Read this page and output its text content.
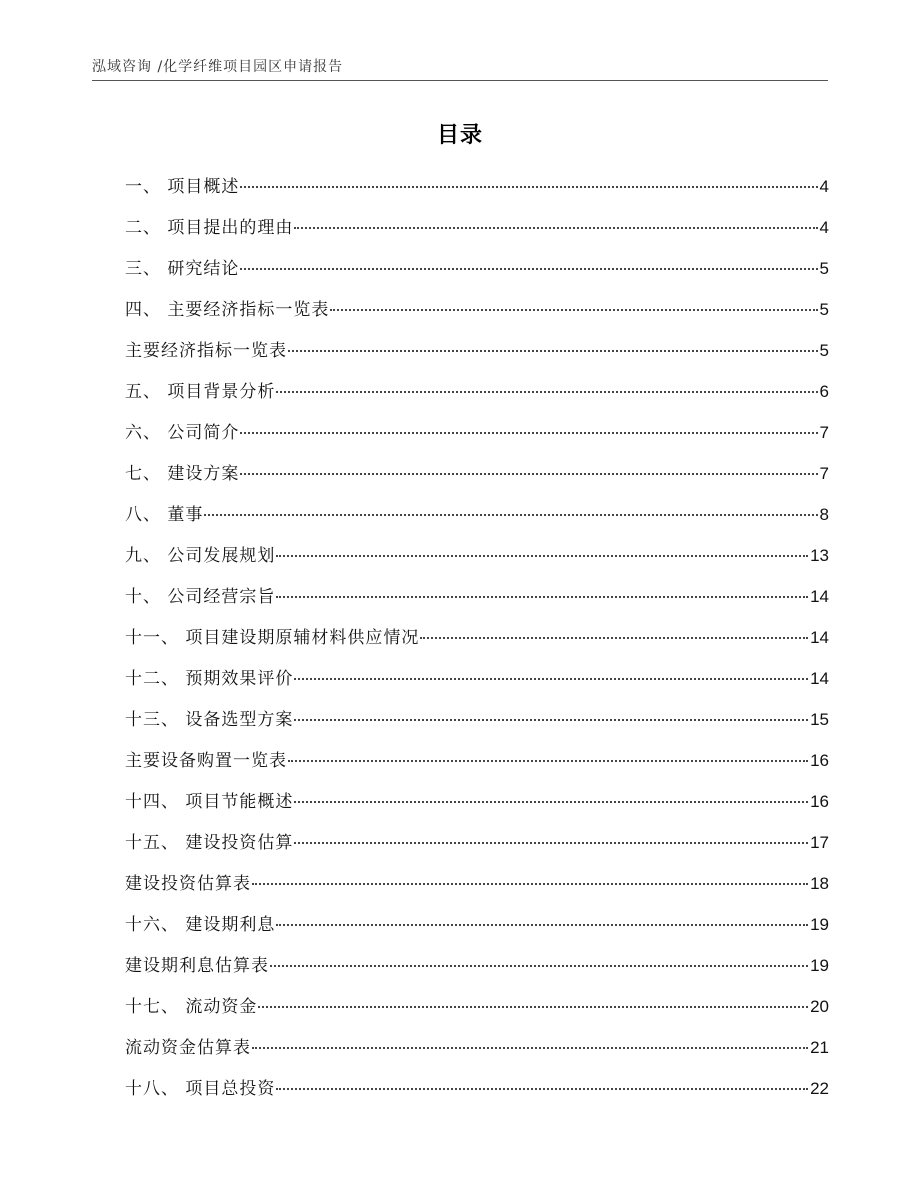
泓域咨询 /化学纤维项目园区申请报告
目录
一、 项目概述	4
二、 项目提出的理由	4
三、 研究结论	5
四、 主要经济指标一览表	5
主要经济指标一览表	5
五、 项目背景分析	6
六、 公司简介	7
七、 建设方案	7
八、 董事	8
九、 公司发展规划	13
十、 公司经营宗旨	14
十一、 项目建设期原辅材料供应情况	14
十二、 预期效果评价	14
十三、 设备选型方案	15
主要设备购置一览表	16
十四、 项目节能概述	16
十五、 建设投资估算	17
建设投资估算表	18
十六、 建设期利息	19
建设期利息估算表	19
十七、 流动资金	20
流动资金估算表	21
十八、 项目总投资	22
